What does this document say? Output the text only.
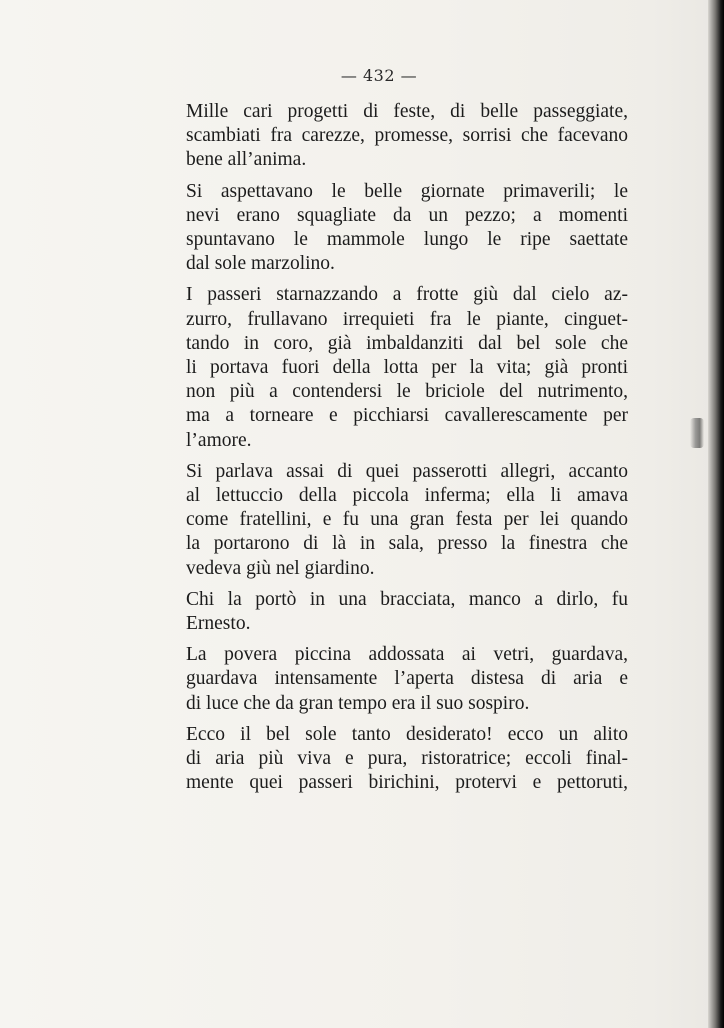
— 432 —

Mille cari progetti di feste, di belle passeggiate,
scambiati fra carezze, promesse, sorrisi che facevano
bene all’anima.

Si aspettavano le belle giornate primaverili; le
nevi erano squagliate da un pezzo; a momenti
spuntavano le mammole lungo le ripe saettate
dal sole marzolino.

I passeri starnazzando a frotte giù dal cielo az-
zurro, frullavano irrequieti fra le piante, cinguet-
tando in coro, già imbaldanziti dal bel sole che
li portava fuori della lotta per la vita; già pronti
non più a contendersi le briciole del nutrimento,
ma a torneare e picchiarsi cavallerescamente per
l’amore.

Si parlava assai di quei passerotti allegri, accanto
al lettuccio della piccola inferma; ella li amava
come fratellini, e fu una gran festa per lei quando
la portarono di là in sala, presso la finestra che
vedeva giù nel giardino.

Chi la portò in una bracciata, manco a dirlo, fu
Ernesto.

La povera piccina addossata ai vetri, guardava,
guardava intensamente l’aperta distesa di aria e
di luce che da gran tempo era il suo sospiro.

Ecco il bel sole tanto desiderato! ecco un alito
di aria più viva e pura, ristoratrice; eccoli final-
mente quei passeri birichini, protervi e pettoruti,
